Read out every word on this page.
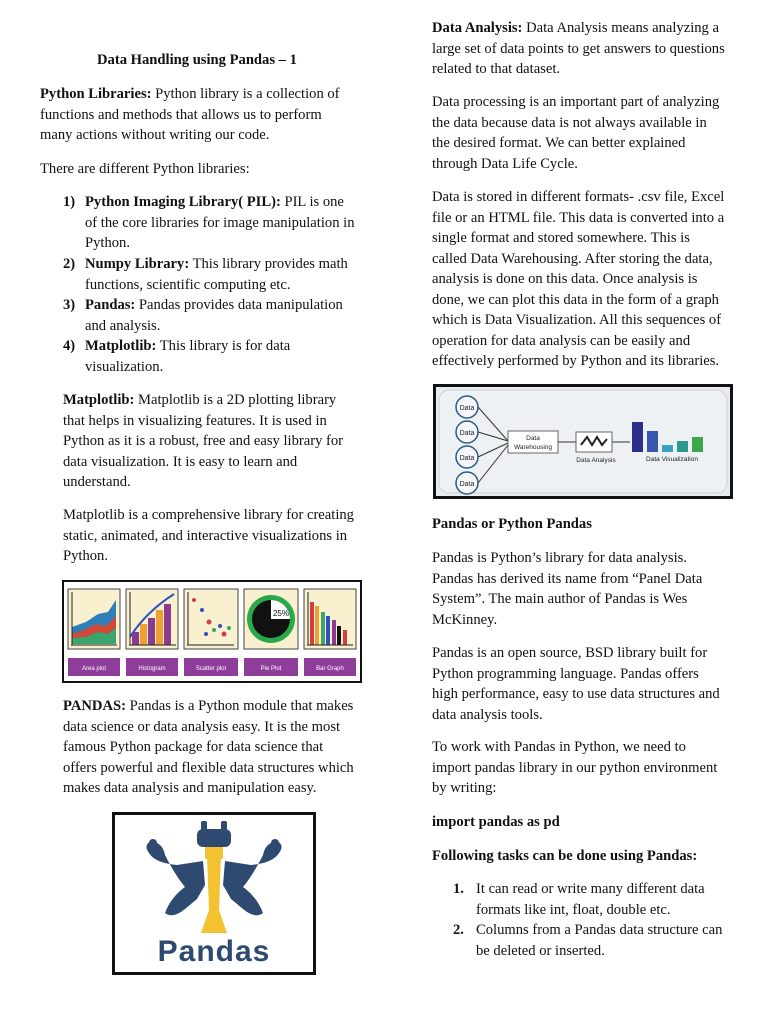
Data Handling using Pandas – 1

Python Libraries: Python library is a collection of

functions and methods that allows us to perform

many actions without writing our code.

There are different Python libraries:

1) Python Imaging Library( PIL): PIL is one

of the core libraries for image manipulation in

Python.

2) Numpy Library: This library provides math

functions, scientific computing etc.

3) Pandas: Pandas provides data manipulation

and analysis.

4) Matplotlib: This library is for data

visualization.

Matplotlib: Matplotlib is a 2D plotting library

that helps in visualizing features. It is used in

Python as it is a robust, free and easy library for

data visualization. It is easy to learn and

understand.

Matplotlib is a comprehensive library for creating

static, animated, and interactive visualizations in

Python.

25%
Area plot	Histogram	Scatter plot	Pie Plot	Bar Graph

PANDAS: Pandas is a Python module that makes

data science or data analysis easy. It is the most

famous Python package for data science that

offers powerful and flexible data structures which

makes data analysis and manipulation easy.

Pandas

Data Analysis: Data Analysis means analyzing a

large set of data points to get answers to questions

related to that dataset.

Data processing is an important part of analyzing

the data because data is not always available in

the desired format. We can better explained

through Data Life Cycle.

Data is stored in different formats- .csv file, Excel

file or an HTML file. This data is converted into a

single format and stored somewhere. This is

called Data Warehousing. After storing the data,

analysis is done on this data. Once analysis is

done, we can plot this data in the form of a graph

which is Data Visualization. All this sequences of

operation for data analysis can be easily and

effectively performed by Python and its libraries.

Data
Data
Data
Data
Data
Warehousing
Data Analysis	Data Visualization

Pandas or Python Pandas

Pandas is Python’s library for data analysis.

Pandas has derived its name from “Panel Data

System”. The main author of Pandas is Wes

McKinney.

Pandas is an open source, BSD library built for

Python programming language. Pandas offers

high performance, easy to use data structures and

data analysis tools.

To work with Pandas in Python, we need to

import pandas library in our python environment

by writing:

import pandas as pd

Following tasks can be done using Pandas:

1. It can read or write many different data

formats like int, float, double etc.

2. Columns from a Pandas data structure can

be deleted or inserted.
